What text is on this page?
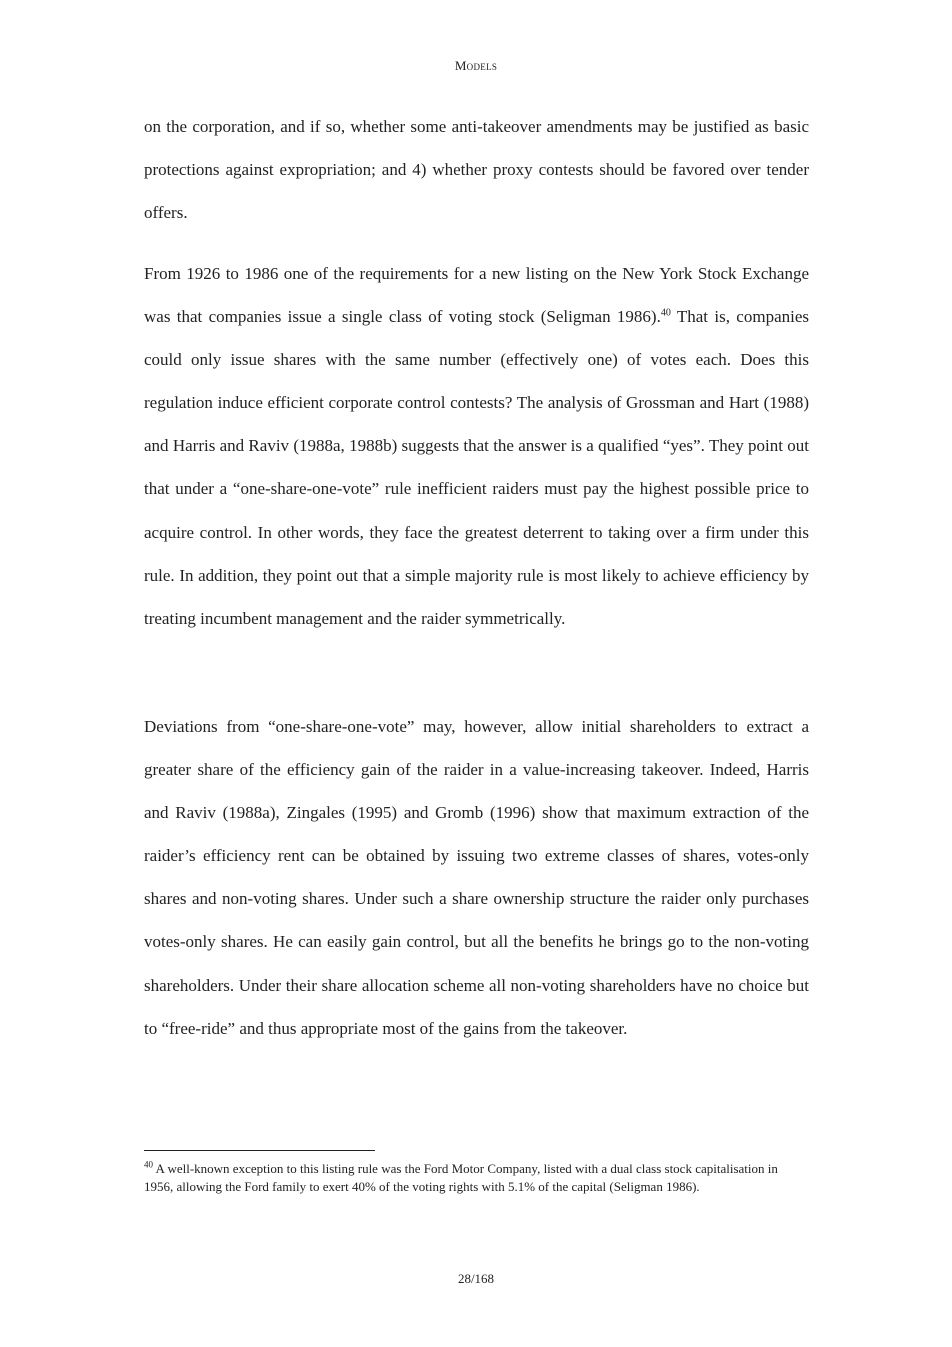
Models

on the corporation, and if so, whether some anti-takeover amendments may be justified as basic protections against expropriation; and 4) whether proxy contests should be favored over tender offers.

From 1926 to 1986 one of the requirements for a new listing on the New York Stock Exchange was that companies issue a single class of voting stock (Seligman 1986).$^{40}$ That is, companies could only issue shares with the same number (effectively one) of votes each. Does this regulation induce efficient corporate control contests? The analysis of Grossman and Hart (1988) and Harris and Raviv (1988a, 1988b) suggests that the answer is a qualified “yes”. They point out that under a “one-share-one-vote” rule inefficient raiders must pay the highest possible price to acquire control. In other words, they face the greatest deterrent to taking over a firm under this rule. In addition, they point out that a simple majority rule is most likely to achieve efficiency by treating incumbent management and the raider symmetrically.

Deviations from “one-share-one-vote” may, however, allow initial shareholders to extract a greater share of the efficiency gain of the raider in a value-increasing takeover. Indeed, Harris and Raviv (1988a), Zingales (1995) and Gromb (1996) show that maximum extraction of the raider’s efficiency rent can be obtained by issuing two extreme classes of shares, votes-only shares and non-voting shares. Under such a share ownership structure the raider only purchases votes-only shares. He can easily gain control, but all the benefits he brings go to the non-voting shareholders. Under their share allocation scheme all non-voting shareholders have no choice but to “free-ride” and thus appropriate most of the gains from the takeover.

$^{40}$ A well-known exception to this listing rule was the Ford Motor Company, listed with a dual class stock capitalisation in 1956, allowing the Ford family to exert 40% of the voting rights with 5.1% of the capital (Seligman 1986).

28/168
